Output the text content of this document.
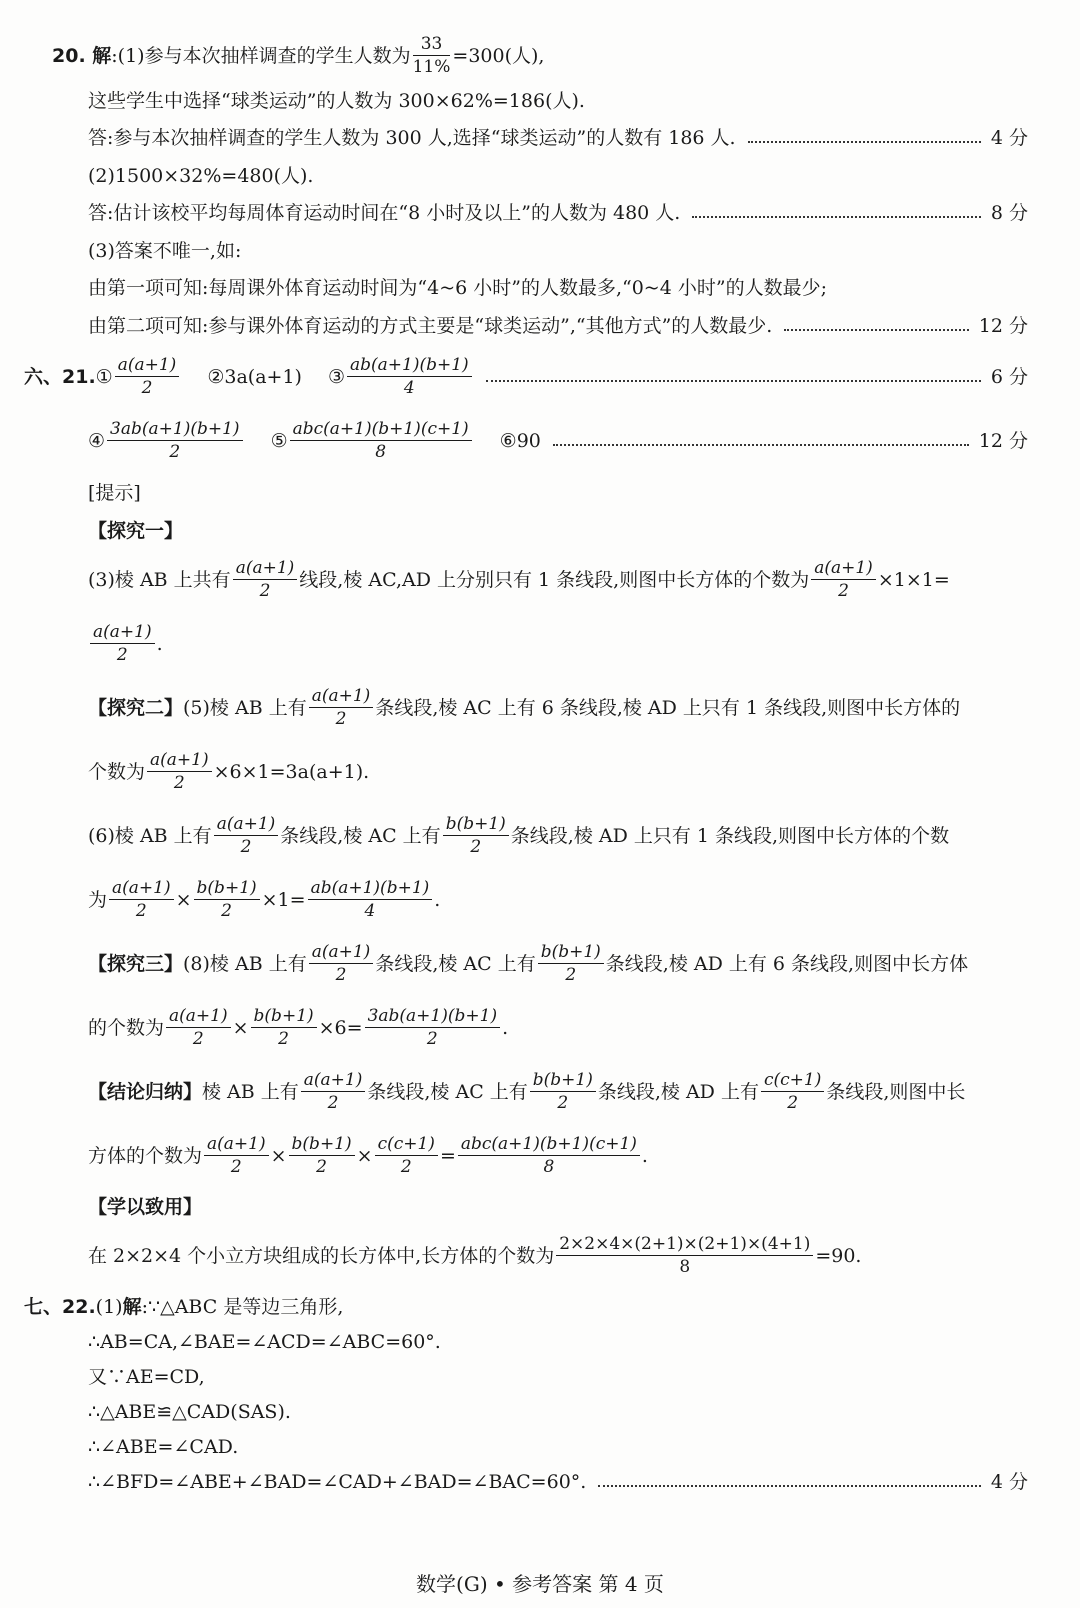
20. 解 :(1)参与本次抽样调查的学生人数为 $\frac{33}{11\%} =300$(人),
这些学生中选择“球类运动”的人数为 300×62%=186(人).
答:参与本次抽样调查的学生人数为 300 人,选择“球类运动”的人数有 186 人.	4 分
(2)1500×32%=480(人).
答:估计该校平均每周体育运动时间在“8 小时及以上”的人数为 480 人.	8 分
(3)答案不唯一,如:
由第一项可知:每周课外体育运动时间为“4~6 小时”的人数最多,“0~4 小时”的人数最少;
由第二项可知:参与课外体育运动的方式主要是“球类运动”,“其他方式”的人数最少.	12 分
六、21. ① $\frac{a(a+1)}{2}$ ②3a(a+1) ③ $\frac{ab(a+1)(b+1)}{4}$	6 分
④ $\frac{3ab(a+1)(b+1)}{2}$ ⑤ $\frac{\text{abc(a+1)(b+1)(c+1)}}{8}$ ⑥90	12 分
[提示]
【探究一】
(3)棱 AB 上共有 $\frac{a(a+1)}{2}$ 线段,棱 AC,AD 上分别只有 1 条线段,则图中长方体的个数为 $\frac{a(a+1)}{2} \times 1\times 1=$
$\frac{a(a+1)}{2}$ .
【探究二】 (5)棱 AB 上有 $\frac{a(a+1)}{2}$ 条线段,棱 AC 上有 6 条线段,棱 AD 上只有 1 条线段,则图中长方体的
个数为 $\frac{a(a+1)}{2} \times 6\times 1=3a(a+1)$.
(6)棱 AB 上有 $\frac{a(a+1)}{2}$ 条线段,棱 AC 上有 $\frac{b(b+1)}{2}$ 条线段,棱 AD 上只有 1 条线段,则图中长方体的个数
为 $\frac{a(a+1)}{2} \times \frac{b(b+1)}{2} \times 1= \frac{ab(a+1)(b+1)}{4}$ .
【探究三】 (8)棱 AB 上有 $\frac{a(a+1)}{2}$ 条线段,棱 AC 上有 $\frac{b(b+1)}{2}$ 条线段,棱 AD 上有 6 条线段,则图中长方体
的个数为 $\frac{a(a+1)}{2} \times \frac{b(b+1)}{2} \times 6= \frac{3ab(a+1)(b+1)}{2}$ .
【结论归纳】 棱 AB 上有 $\frac{a(a+1)}{2}$ 条线段,棱 AC 上有 $\frac{b(b+1)}{2}$ 条线段,棱 AD 上有 $\frac{c(c+1)}{2}$ 条线段,则图中长
方体的个数为 $\frac{a(a+1)}{2} \times \frac{b(b+1)}{2} \times \frac{c(c+1)}{2} = \frac{\text{abc(a+1)(b+1)(c+1)}}{8}$ .
【学以致用】
在 2×2×4 个小立方块组成的长方体中,长方体的个数为 $\frac{2\times 2\times 4\times(2+1)\times(2+1)\times(4+1)}{8} =90$.
七、22. (1) 解 :∵△ABC 是等边三角形,
∴AB=CA,∠BAE=∠ACD=∠ABC=60°.
又∵AE=CD,
∴△ABE≌△CAD(SAS).
∴∠ABE=∠CAD.
∴∠BFD=∠ABE+∠BAD=∠CAD+∠BAD=∠BAC=60°.	4 分
数学(G) • 参考答案 第 4 页
